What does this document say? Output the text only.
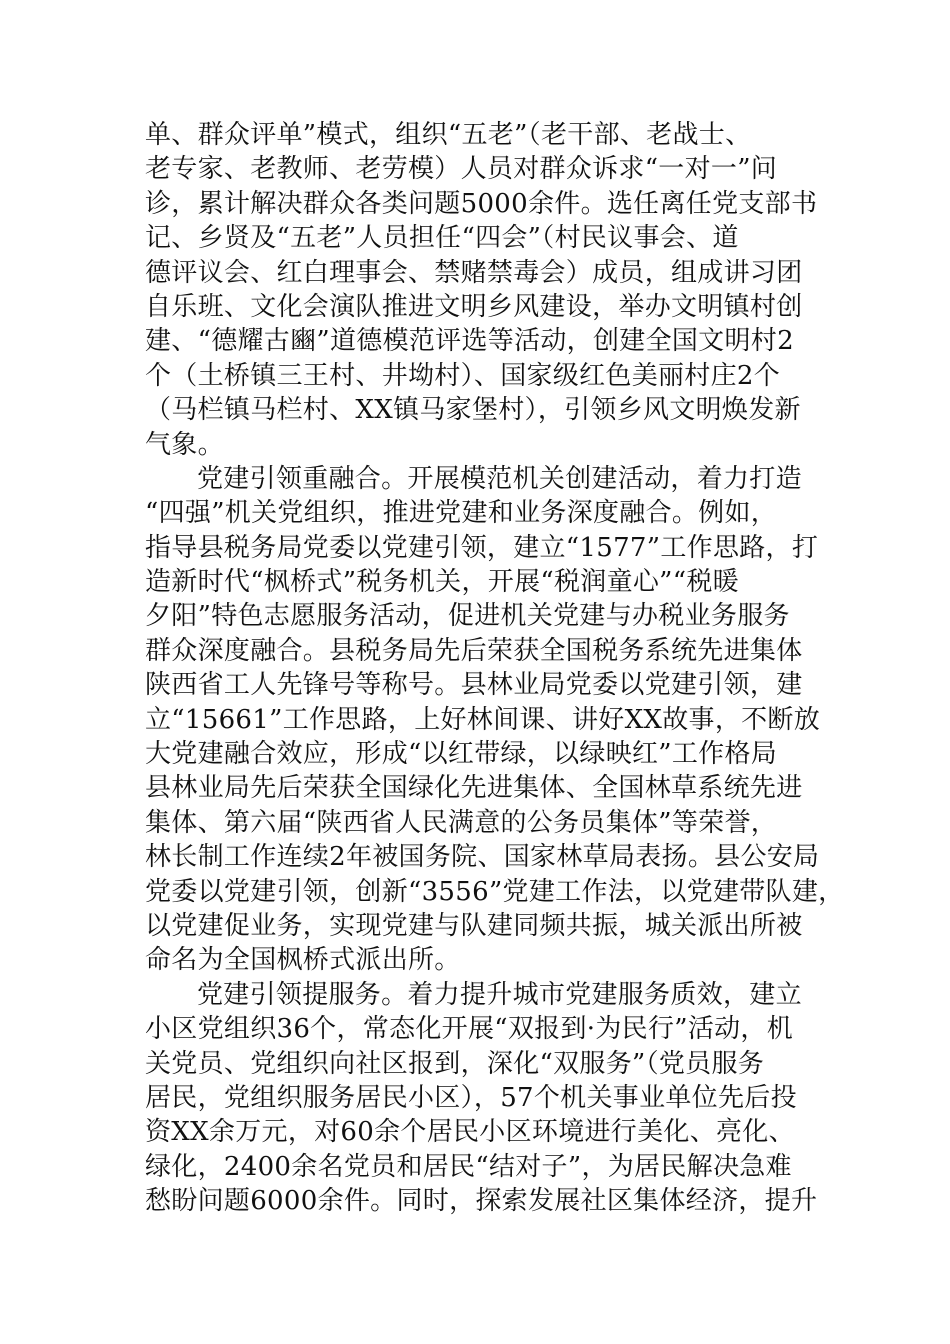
单、群众评单”模式，组织“五老”（老干部、老战士、
老专家、老教师、老劳模）人员对群众诉求“一对一”问
诊，累计解决群众各类问题5000余件。选任离任党支部书
记、乡贤及“五老”人员担任“四会”（村民议事会、道
德评议会、红白理事会、禁赌禁毒会）成员，组成讲习团
自乐班、文化会演队推进文明乡风建设，举办文明镇村创
建、“德耀古豳”道德模范评选等活动，创建全国文明村2
个（土桥镇三王村、井坳村）、国家级红色美丽村庄2个
（马栏镇马栏村、XX镇马家堡村），引领乡风文明焕发新
气象。
党建引领重融合。开展模范机关创建活动，着力打造
“四强”机关党组织，推进党建和业务深度融合。例如，
指导县税务局党委以党建引领，建立“1577”工作思路，打
造新时代“枫桥式”税务机关，开展“税润童心”“税暖
夕阳”特色志愿服务活动，促进机关党建与办税业务服务
群众深度融合。县税务局先后荣获全国税务系统先进集体
陕西省工人先锋号等称号。县林业局党委以党建引领，建
立“15661”工作思路，上好林间课、讲好XX故事，不断放
大党建融合效应，形成“以红带绿，以绿映红”工作格局
县林业局先后荣获全国绿化先进集体、全国林草系统先进
集体、第六届“陕西省人民满意的公务员集体”等荣誉，
林长制工作连续2年被国务院、国家林草局表扬。县公安局
党委以党建引领，创新“3556”党建工作法，以党建带队建，
以党建促业务，实现党建与队建同频共振，城关派出所被
命名为全国枫桥式派出所。
党建引领提服务。着力提升城市党建服务质效，建立
小区党组织36个，常态化开展“双报到·为民行”活动，机
关党员、党组织向社区报到，深化“双服务”（党员服务
居民，党组织服务居民小区），57个机关事业单位先后投
资XX余万元，对60余个居民小区环境进行美化、亮化、
绿化，2400余名党员和居民“结对子”，为居民解决急难
愁盼问题6000余件。同时，探索发展社区集体经济，提升
